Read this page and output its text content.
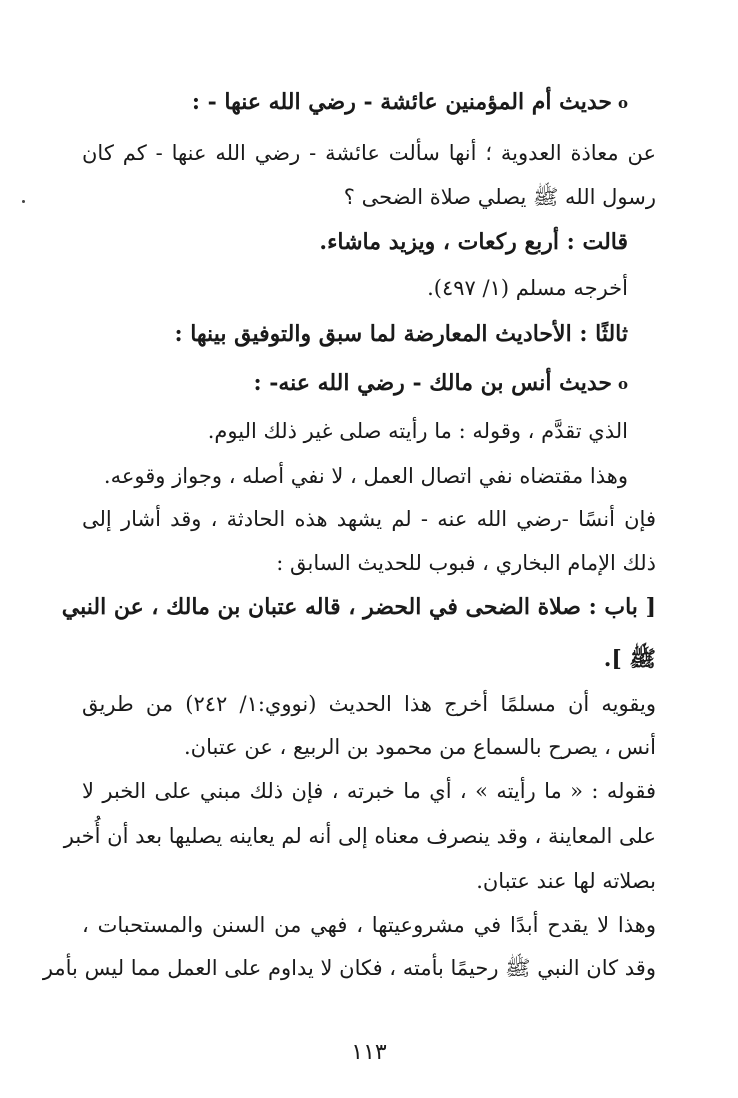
oحديث أم المؤمنين عائشة - رضي الله عنها - :
عن معاذة العدوية ؛ أنها سألت عائشة - رضي الله عنها - كم كان
رسول الله ﷺ يصلي صلاة الضحى ؟
قالت : أربع ركعات ، ويزيد ماشاء.
أخرجه مسلم (١/ ٤٩٧).
ثالثًا : الأحاديث المعارضة لما سبق والتوفيق بينها :
oحديث أنس بن مالك - رضي الله عنه- :
الذي تقدَّم ، وقوله : ما رأيته صلى غير ذلك اليوم.
وهذا مقتضاه نفي اتصال العمل ، لا نفي أصله ، وجواز وقوعه.
فإن أنسًا -رضي الله عنه - لم يشهد هذه الحادثة ، وقد أشار إلى
ذلك الإمام البخاري ، فبوب للحديث السابق :
[ باب : صلاة الضحى في الحضر ، قاله عتبان بن مالك ، عن النبي
ﷺ ].
ويقويه أن مسلمًا أخرج هذا الحديث (نووي:١/ ٢٤٢) من طريق
أنس ، يصرح بالسماع من محمود بن الربيع ، عن عتبان.
فقوله : « ما رأيته » ، أي ما خبرته ، فإن ذلك مبني على الخبر لا
على المعاينة ، وقد ينصرف معناه إلى أنه لم يعاينه يصليها بعد أن أُخبر
بصلاته لها عند عتبان.
وهذا لا يقدح أبدًا في مشروعيتها ، فهي من السنن والمستحبات ،
وقد كان النبي ﷺ رحيمًا بأمته ، فكان لا يداوم على العمل مما ليس بأمر
١١٣
